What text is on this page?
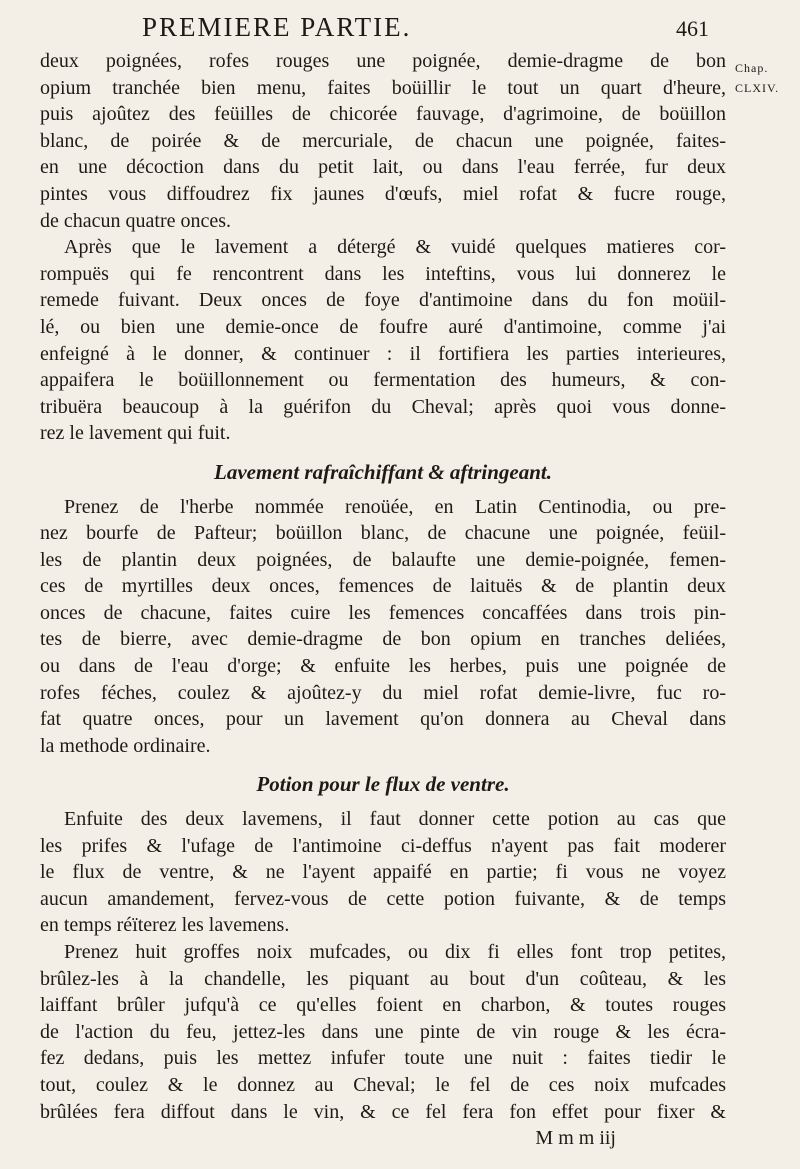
PREMIERE PARTIE.	461
Chap.
CLXIV.
deux poignées, rofes rouges une poignée, demie-dragme de bon
opium tranchée bien menu, faites boüillir le tout un quart d'heure,
puis ajoûtez des feüilles de chicorée fauvage, d'agrimoine, de boüillon
blanc, de poirée & de mercuriale, de chacun une poignée, faites-
en une décoction dans du petit lait, ou dans l'eau ferrée, fur deux
pintes vous diffoudrez fix jaunes d'œufs, miel rofat & fucre rouge,
de chacun quatre onces.
Après que le lavement a détergé & vuidé quelques matieres cor-
rompuës qui fe rencontrent dans les inteftins, vous lui donnerez le
remede fuivant. Deux onces de foye d'antimoine dans du fon moüil-
lé, ou bien une demie-once de foufre auré d'antimoine, comme j'ai
enfeigné à le donner, & continuer : il fortifiera les parties interieures,
appaifera le boüillonnement ou fermentation des humeurs, & con-
tribuëra beaucoup à la guérifon du Cheval; après quoi vous donne-
rez le lavement qui fuit.
Lavement rafraîchiffant & aftringeant.
Prenez de l'herbe nommée renoüée, en Latin Centinodia, ou pre-
nez bourfe de Pafteur; boüillon blanc, de chacune une poignée, feüil-
les de plantin deux poignées, de balaufte une demie-poignée, femen-
ces de myrtilles deux onces, femences de laituës & de plantin deux
onces de chacune, faites cuire les femences concaffées dans trois pin-
tes de bierre, avec demie-dragme de bon opium en tranches deliées,
ou dans de l'eau d'orge; & enfuite les herbes, puis une poignée de
rofes féches, coulez & ajoûtez-y du miel rofat demie-livre, fuc ro-
fat quatre onces, pour un lavement qu'on donnera au Cheval dans
la methode ordinaire.
Potion pour le flux de ventre.
Enfuite des deux lavemens, il faut donner cette potion au cas que
les prifes & l'ufage de l'antimoine ci-deffus n'ayent pas fait moderer
le flux de ventre, & ne l'ayent appaifé en partie; fi vous ne voyez
aucun amandement, fervez-vous de cette potion fuivante, & de temps
en temps réïterez les lavemens.
Prenez huit groffes noix mufcades, ou dix fi elles font trop petites,
brûlez-les à la chandelle, les piquant au bout d'un coûteau, & les
laiffant brûler jufqu'à ce qu'elles foient en charbon, & toutes rouges
de l'action du feu, jettez-les dans une pinte de vin rouge & les écra-
fez dedans, puis les mettez infufer toute une nuit : faites tiedir le
tout, coulez & le donnez au Cheval; le fel de ces noix mufcades
brûlées fera diffout dans le vin, & ce fel fera fon effet pour fixer &
M m m iij
